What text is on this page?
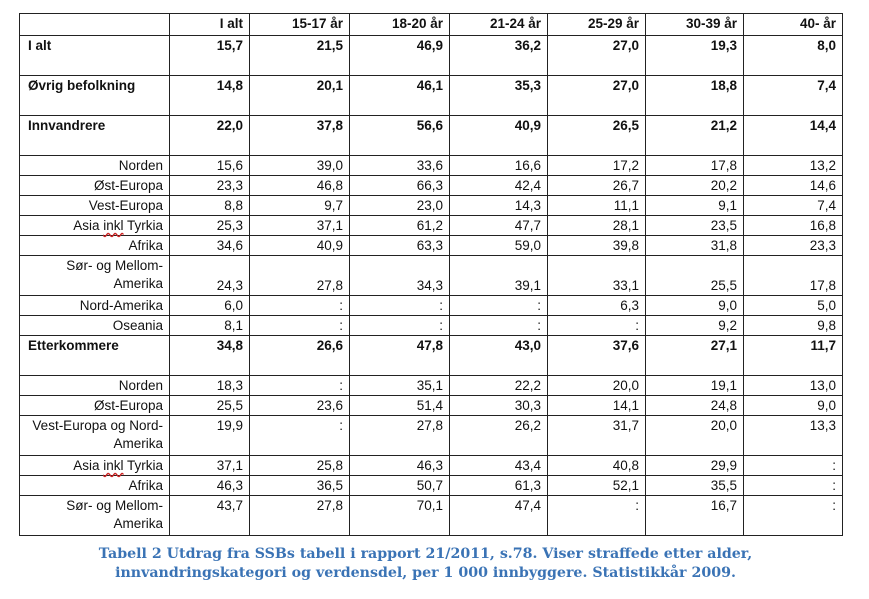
	I alt	15-17 år	18-20 år	21-24 år	25-29 år	30-39 år	40- år
I alt	15,7	21,5	46,9	36,2	27,0	19,3	8,0
Øvrig befolkning	14,8	20,1	46,1	35,3	27,0	18,8	7,4
Innvandrere	22,0	37,8	56,6	40,9	26,5	21,2	14,4
Norden	15,6	39,0	33,6	16,6	17,2	17,8	13,2
Øst-Europa	23,3	46,8	66,3	42,4	26,7	20,2	14,6
Vest-Europa	8,8	9,7	23,0	14,3	11,1	9,1	7,4
Asia inkl Tyrkia	25,3	37,1	61,2	47,7	28,1	23,5	16,8
Afrika	34,6	40,9	63,3	59,0	39,8	31,8	23,3
Sør- og Mellom- Amerika	24,3	27,8	34,3	39,1	33,1	25,5	17,8
Nord-Amerika	6,0	:	:	:	6,3	9,0	5,0
Oseania	8,1	:	:	:	:	9,2	9,8
Etterkommere	34,8	26,6	47,8	43,0	37,6	27,1	11,7
Norden	18,3	:	35,1	22,2	20,0	19,1	13,0
Øst-Europa	25,5	23,6	51,4	30,3	14,1	24,8	9,0
Vest-Europa og Nord-Amerika	19,9	:	27,8	26,2	31,7	20,0	13,3
Asia inkl Tyrkia	37,1	25,8	46,3	43,4	40,8	29,9	:
Afrika	46,3	36,5	50,7	61,3	52,1	35,5	:
Sør- og Mellom- Amerika	43,7	27,8	70,1	47,4	:	16,7	:
Tabell 2 Utdrag fra SSBs tabell i rapport 21/2011, s.78. Viser straffede etter alder,
innvandringskategori og verdensdel, per 1 000 innbyggere. Statistikkår 2009.
